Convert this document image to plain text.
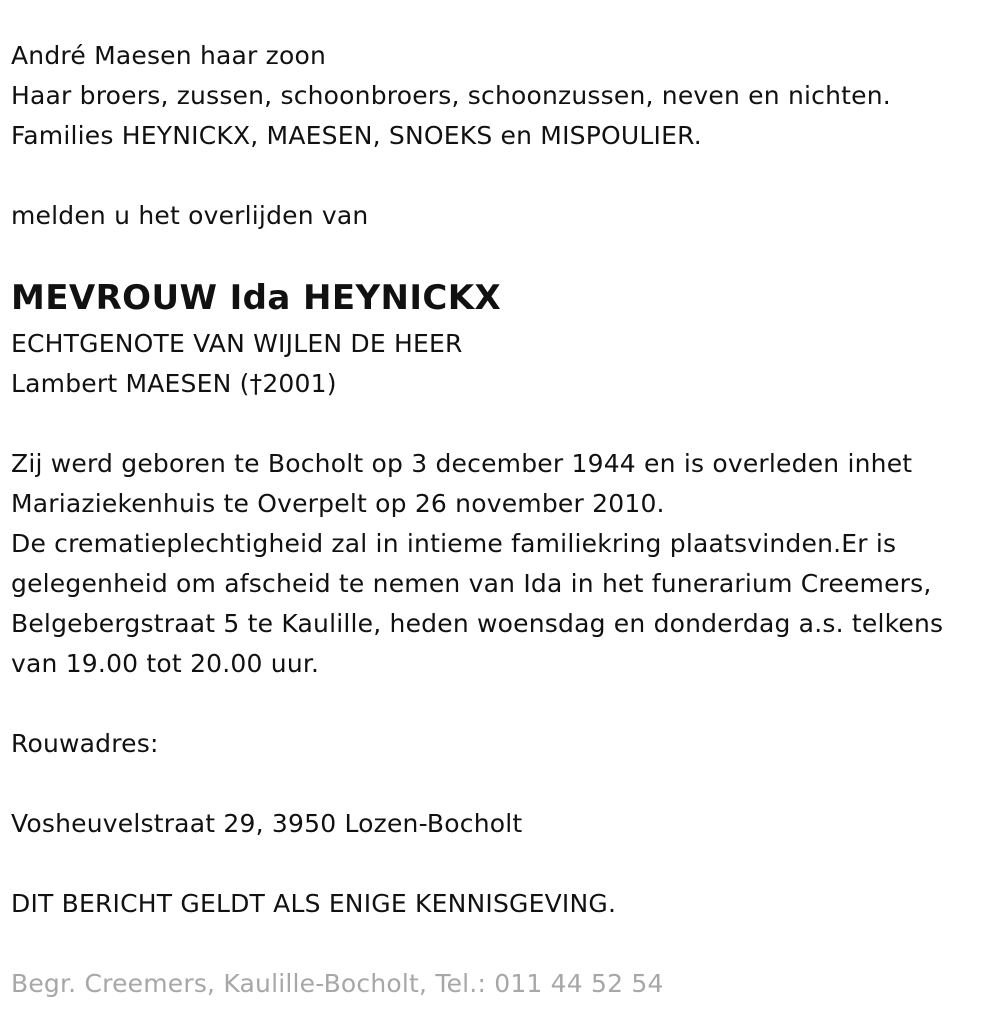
André Maesen haar zoon
Haar broers, zussen, schoonbroers, schoonzussen, neven en nichten.
Families HEYNICKX, MAESEN, SNOEKS en MISPOULIER.
melden u het overlijden van
MEVROUW Ida HEYNICKX
ECHTGENOTE VAN WIJLEN DE HEER
Lambert MAESEN (†2001)
Zij werd geboren te Bocholt op 3 december 1944 en is overleden inhet
Mariaziekenhuis te Overpelt op 26 november 2010.
De crematieplechtigheid zal in intieme familiekring plaatsvinden.Er is
gelegenheid om afscheid te nemen van Ida in het funerarium Creemers,
Belgebergstraat 5 te Kaulille, heden woensdag en donderdag a.s. telkens
van 19.00 tot 20.00 uur.
Rouwadres:
Vosheuvelstraat 29, 3950 Lozen-Bocholt
DIT BERICHT GELDT ALS ENIGE KENNISGEVING.
Begr. Creemers, Kaulille-Bocholt, Tel.: 011 44 52 54
